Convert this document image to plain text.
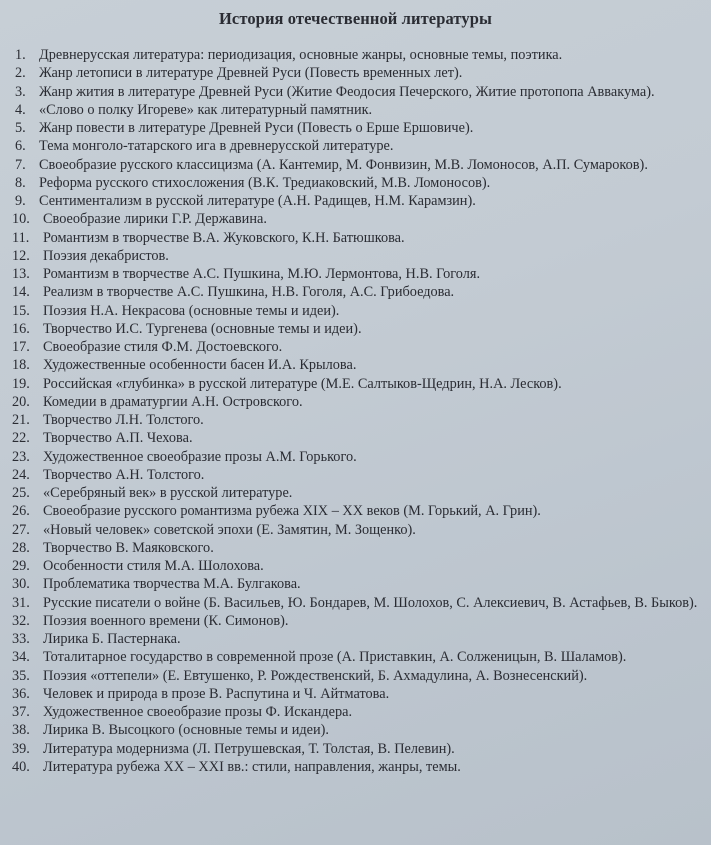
История отечественной литературы
1. Древнерусская литература: периодизация, основные жанры, основные темы, поэтика.
2. Жанр летописи в литературе Древней Руси (Повесть временных лет).
3. Жанр жития в литературе Древней Руси (Житие Феодосия Печерского, Житие протопопа Аввакума).
4. «Слово о полку Игореве» как литературный памятник.
5. Жанр повести в литературе Древней Руси (Повесть о Ерше Ершовиче).
6. Тема монголо-татарского ига в древнерусской литературе.
7. Своеобразие русского классицизма (А. Кантемир, М. Фонвизин, М.В. Ломоносов, А.П. Сумароков).
8. Реформа русского стихосложения (В.К. Тредиаковский, М.В. Ломоносов).
9. Сентиментализм в русской литературе (А.Н. Радищев, Н.М. Карамзин).
10. Своеобразие лирики Г.Р. Державина.
11. Романтизм в творчестве В.А. Жуковского, К.Н. Батюшкова.
12. Поэзия декабристов.
13. Романтизм в творчестве А.С. Пушкина, М.Ю. Лермонтова, Н.В. Гоголя.
14. Реализм в творчестве А.С. Пушкина, Н.В. Гоголя, А.С. Грибоедова.
15. Поэзия Н.А. Некрасова (основные темы и идеи).
16. Творчество И.С. Тургенева (основные темы и идеи).
17. Своеобразие стиля Ф.М. Достоевского.
18. Художественные особенности басен И.А. Крылова.
19. Российская «глубинка» в русской литературе (М.Е. Салтыков-Щедрин, Н.А. Лесков).
20. Комедии в драматургии А.Н. Островского.
21. Творчество Л.Н. Толстого.
22. Творчество А.П. Чехова.
23. Художественное своеобразие прозы А.М. Горького.
24. Творчество А.Н. Толстого.
25. «Серебряный век» в русской литературе.
26. Своеобразие русского романтизма рубежа XIX – XX веков (М. Горький, А. Грин).
27. «Новый человек» советской эпохи (Е. Замятин, М. Зощенко).
28. Творчество В. Маяковского.
29. Особенности стиля М.А. Шолохова.
30. Проблематика творчества М.А. Булгакова.
31. Русские писатели о войне (Б. Васильев, Ю. Бондарев, М. Шолохов, С. Алексиевич, В. Астафьев, В. Быков).
32. Поэзия военного времени (К. Симонов).
33. Лирика Б. Пастернака.
34. Тоталитарное государство в современной прозе (А. Приставкин, А. Солженицын, В. Шаламов).
35. Поэзия «оттепели» (Е. Евтушенко, Р. Рождественский, Б. Ахмадулина, А. Вознесенский).
36. Человек и природа в прозе В. Распутина и Ч. Айтматова.
37. Художественное своеобразие прозы Ф. Искандера.
38. Лирика В. Высоцкого (основные темы и идеи).
39. Литература модернизма (Л. Петрушевская, Т. Толстая, В. Пелевин).
40. Литература рубежа XX – XXI вв.: стили, направления, жанры, темы.
